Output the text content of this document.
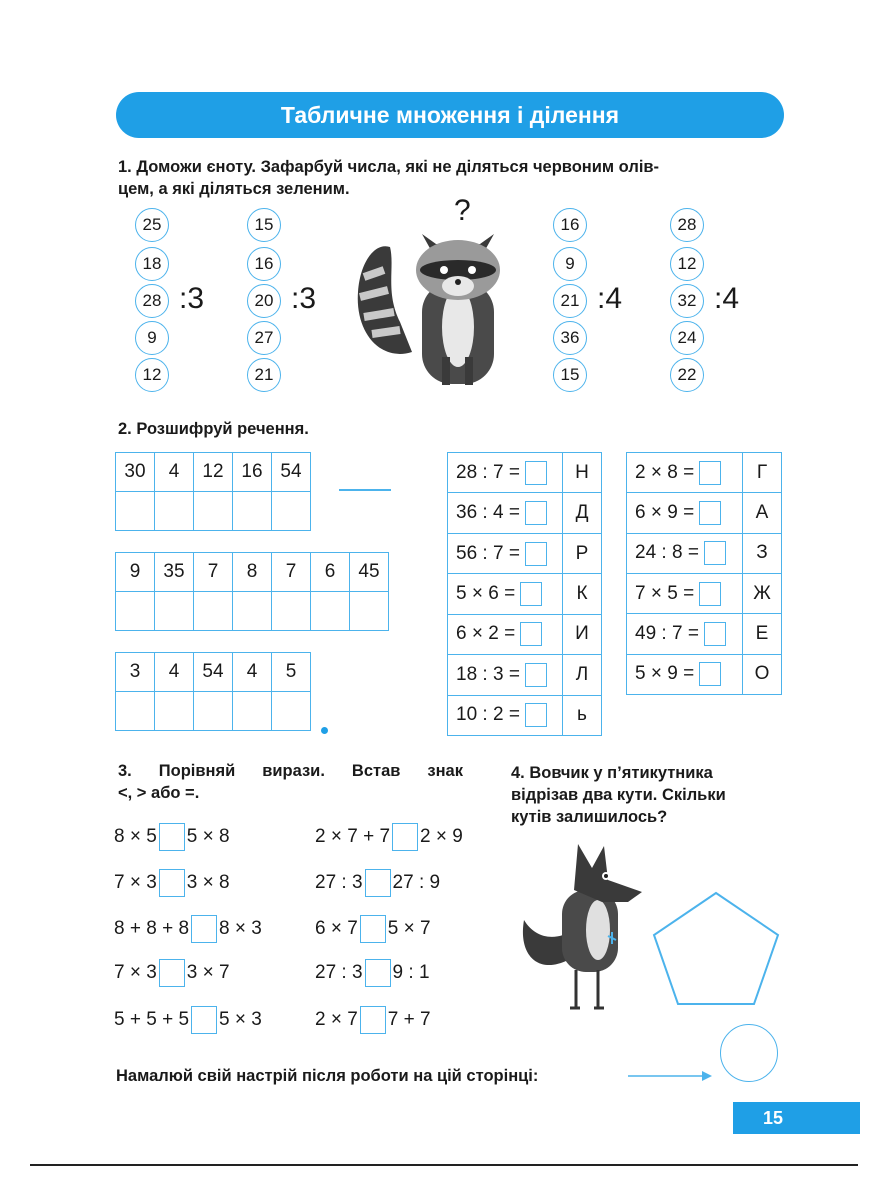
Табличне множення і ділення
1. Доможи єноту. Зафарбуй числа, які не діляться червоним олів-
цем, а які діляться зеленим.
25
18
28
9
12
:3
15
16
20
27
21
:3
16
9
21
36
15
:4
28
12
32
24
22
:4
?
2. Розшифруй речення.
30	4	12	16	54

9	35	7	8	7	6	45

3	4	54	4	5

28 : 7 =	Н
36 : 4 =	Д
56 : 7 =	Р
5 × 6 =	К
6 × 2 =	И
18 : 3 =	Л
10 : 2 =	ь
2 × 8 =	Г
6 × 9 =	А
24 : 8 =	З
7 × 5 =	Ж
49 : 7 =	Е
5 × 9 =	О
3. Порівняй вирази. Встав знак
<, > або =.
8 × 5 5 × 8
7 × 3 3 × 8
8 + 8 + 8 8 × 3
7 × 3 3 × 7
5 + 5 + 5 5 × 3
2 × 7 + 7 2 × 9
27 : 3 27 : 9
6 × 7 5 × 7
27 : 3 9 : 1
2 × 7 7 + 7
4. Вовчик у п’ятикутника
відрізав два кути. Скільки
кутів залишилось?
Намалюй свій настрій після роботи на цій сторінці:
15
